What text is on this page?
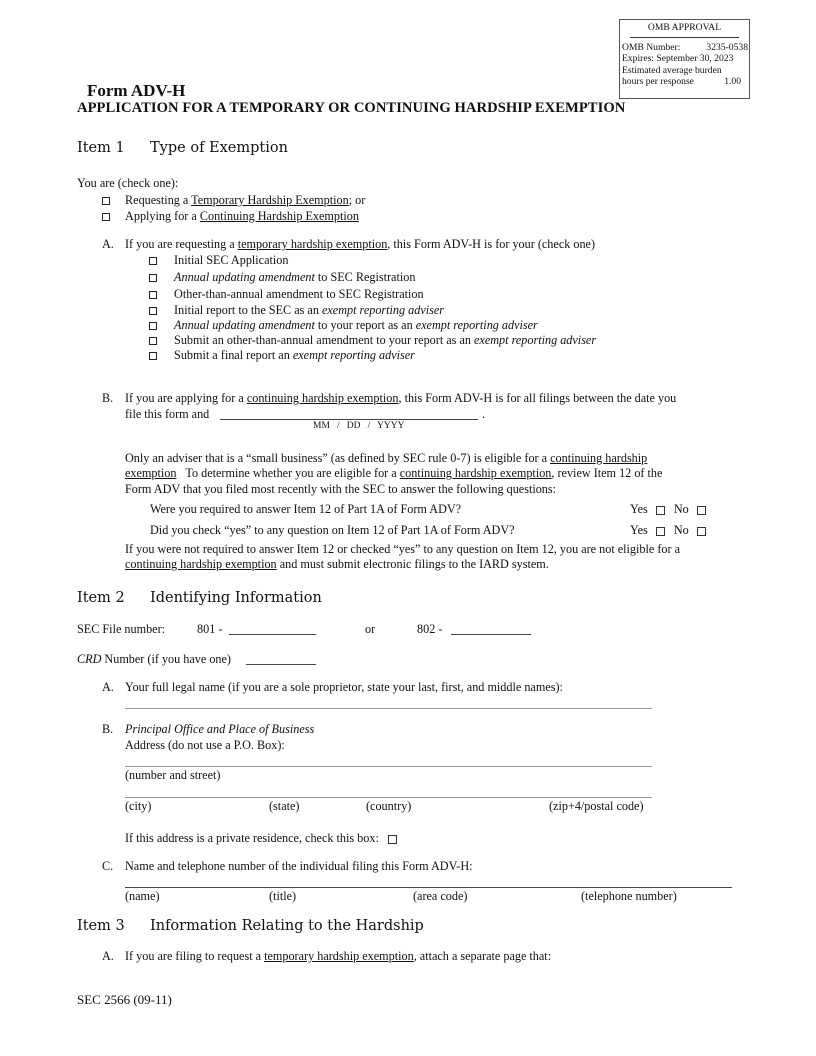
OMB APPROVAL
OMB Number:	3235-0538
Expires: September 30, 2023
Estimated average burden
hours per response	1.00
Form ADV-H
APPLICATION FOR A TEMPORARY OR CONTINUING HARDSHIP EXEMPTION
Item 1 Type of Exemption
You are (check one):
Requesting a Temporary Hardship Exemption; or
Applying for a Continuing Hardship Exemption
A. If you are requesting a temporary hardship exemption, this Form ADV-H is for your (check one)
Initial SEC Application
Annual updating amendment to SEC Registration
Other-than-annual amendment to SEC Registration
Initial report to the SEC as an exempt reporting adviser
Annual updating amendment to your report as an exempt reporting adviser
Submit an other-than-annual amendment to your report as an exempt reporting adviser
Submit a final report an exempt reporting adviser
B. If you are applying for a continuing hardship exemption, this Form ADV-H is for all filings between the date you
file this form and	.
MM   /   DD   /   YYYY
Only an adviser that is a “small business” (as defined by SEC rule 0-7) is eligible for a continuing hardship
exemption   To determine whether you are eligible for a continuing hardship exemption, review Item 12 of the
Form ADV that you filed most recently with the SEC to answer the following questions:
Were you required to answer Item 12 of Part 1A of Form ADV?	Yes No
Did you check “yes” to any question on Item 12 of Part 1A of Form ADV?	Yes No
If you were not required to answer Item 12 or checked “yes” to any question on Item 12, you are not eligible for a
continuing hardship exemption and must submit electronic filings to the IARD system.
Item 2 Identifying Information
SEC File number:	801 -	or	802 -
CRD Number (if you have one)
A. Your full legal name (if you are a sole proprietor, state your last, first, and middle names):
B. Principal Office and Place of Business
Address (do not use a P.O. Box):
(number and street)
(city)	(state)	(country)	(zip+4/postal code)
If this address is a private residence, check this box:
C. Name and telephone number of the individual filing this Form ADV-H:
(name)	(title)	(area code)	(telephone number)
Item 3 Information Relating to the Hardship
A. If you are filing to request a temporary hardship exemption, attach a separate page that:
SEC 2566 (09-11)
